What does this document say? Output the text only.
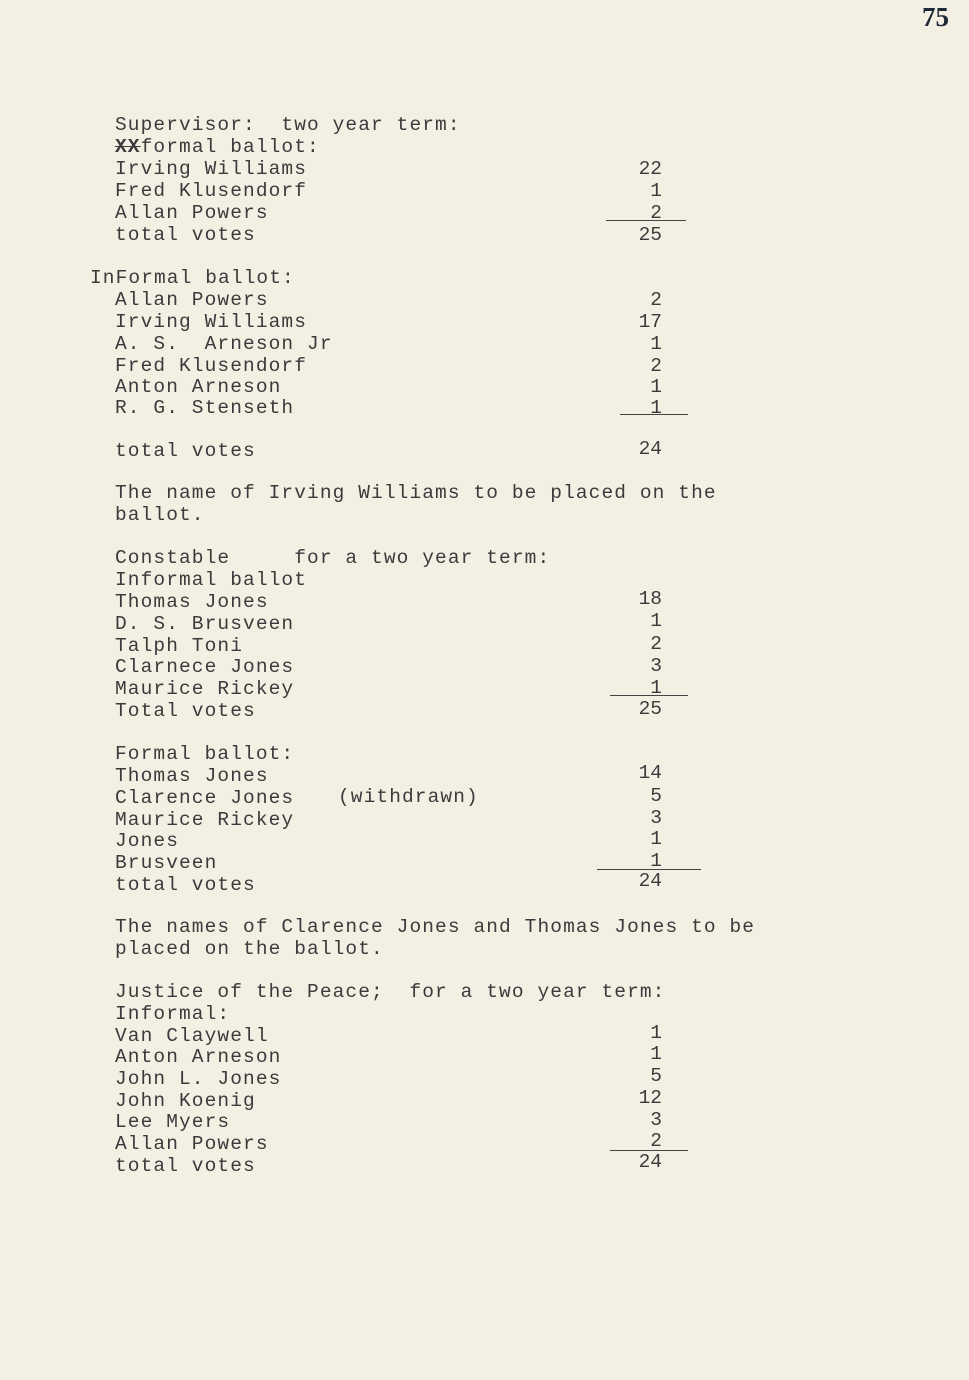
75
Supervisor:  two year term:
XXformal ballot:
Irving Williams	22
Fred Klusendorf	1
Allan Powers	2
total votes	25
InFormal ballot:
Allan Powers	2
Irving Williams	17
A. S.  Arneson Jr	1
Fred Klusendorf	2
Anton Arneson	1
R. G. Stenseth	1
total votes	24
The name of Irving Williams to be placed on the
ballot.
Constable     for a two year term:
Informal ballot
Thomas Jones	18
D. S. Brusveen	1
Talph Toni	2
Clarnece Jones	3
Maurice Rickey	1
Total votes	25
Formal ballot:
Thomas Jones	14
Clarence Jones (withdrawn)	5
Maurice Rickey	3
Jones	1
Brusveen	1
total votes	24
The names of Clarence Jones and Thomas Jones to be
placed on the ballot.
Justice of the Peace;  for a two year term:
Informal:
Van Claywell	1
Anton Arneson	1
John L. Jones	5
John Koenig	12
Lee Myers	3
Allan Powers	2
total votes	24
